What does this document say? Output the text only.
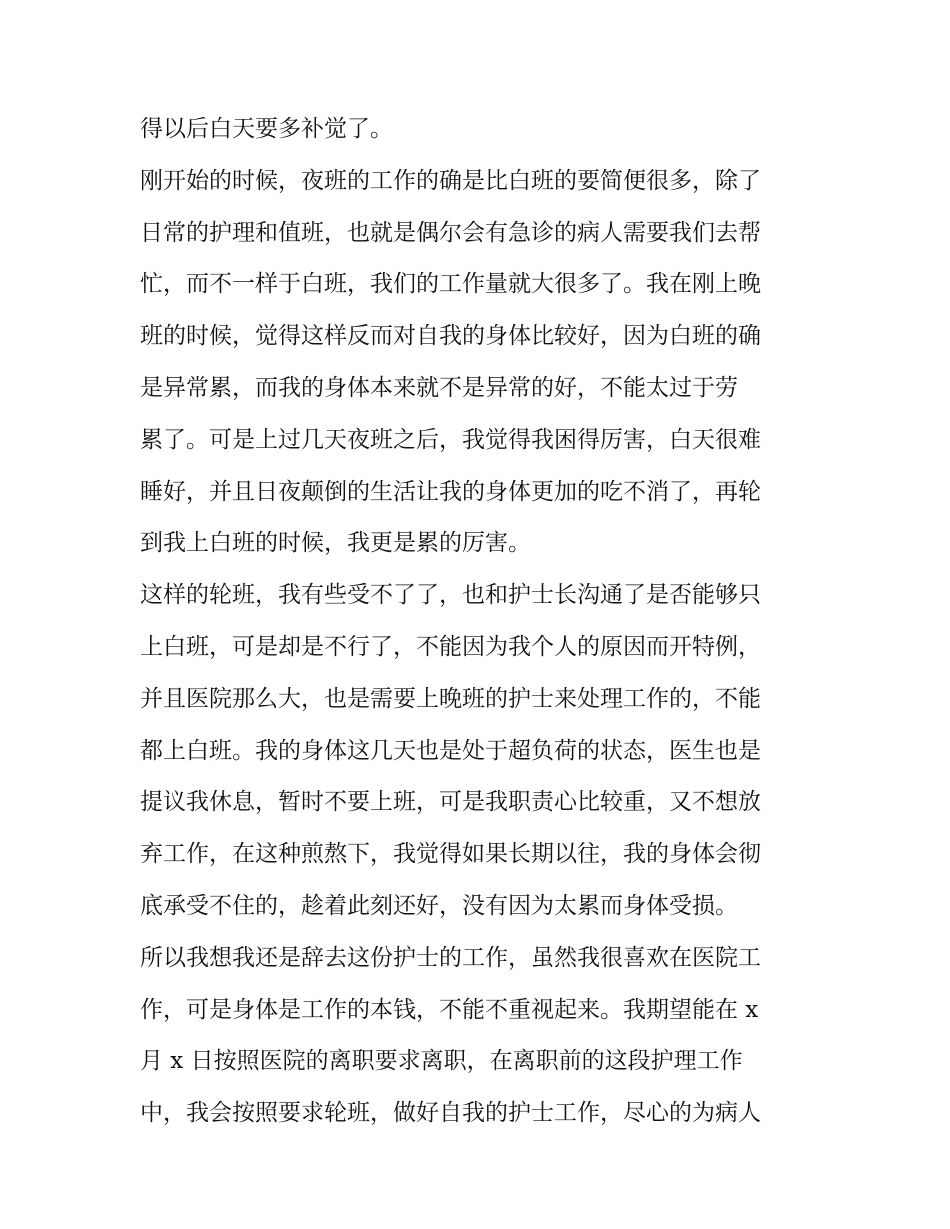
得以后白天要多补觉了。
刚开始的时候，夜班的工作的确是比白班的要简便很多，除了
日常的护理和值班，也就是偶尔会有急诊的病人需要我们去帮
忙，而不一样于白班，我们的工作量就大很多了。我在刚上晚
班的时候，觉得这样反而对自我的身体比较好，因为白班的确
是异常累，而我的身体本来就不是异常的好，不能太过于劳
累了。可是上过几天夜班之后，我觉得我困得厉害，白天很难
睡好，并且日夜颠倒的生活让我的身体更加的吃不消了，再轮
到我上白班的时候，我更是累的厉害。
这样的轮班，我有些受不了了，也和护士长沟通了是否能够只
上白班，可是却是不行了，不能因为我个人的原因而开特例，
并且医院那么大，也是需要上晚班的护士来处理工作的，不能
都上白班。我的身体这几天也是处于超负荷的状态，医生也是
提议我休息，暂时不要上班，可是我职责心比较重，又不想放
弃工作，在这种煎熬下，我觉得如果长期以往，我的身体会彻
底承受不住的，趁着此刻还好，没有因为太累而身体受损。
所以我想我还是辞去这份护士的工作，虽然我很喜欢在医院工
作，可是身体是工作的本钱，不能不重视起来。我期望能在 x
月 x 日按照医院的离职要求离职，在离职前的这段护理工作
中，我会按照要求轮班，做好自我的护士工作，尽心的为病人
